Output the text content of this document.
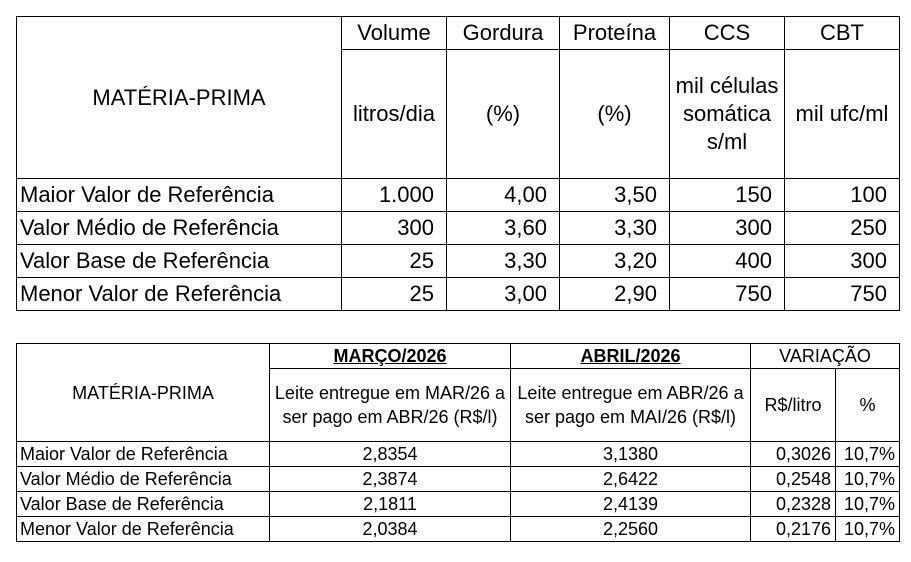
MATÉRIA-PRIMA	Volume	Gordura	Proteína	CCS	CBT
	litros/dia	(%)	(%)	mil células somática s/ml	mil ufc/ml
Maior Valor de Referência	1.000	4,00	3,50	150	100
Valor Médio de Referência	300	3,60	3,30	300	250
Valor Base de Referência	25	3,30	3,20	400	300
Menor Valor de Referência	25	3,00	2,90	750	750
MATÉRIA-PRIMA	MARÇO/2026	ABRIL/2026	VARIAÇÃO	
	Leite entregue em MAR/26 a ser pago em ABR/26 (R$/l)	Leite entregue em ABR/26 a ser pago em MAI/26 (R$/l)	R$/litro	%
Maior Valor de Referência	2,8354	3,1380	0,3026	10,7%
Valor Médio de Referência	2,3874	2,6422	0,2548	10,7%
Valor Base de Referência	2,1811	2,4139	0,2328	10,7%
Menor Valor de Referência	2,0384	2,2560	0,2176	10,7%
